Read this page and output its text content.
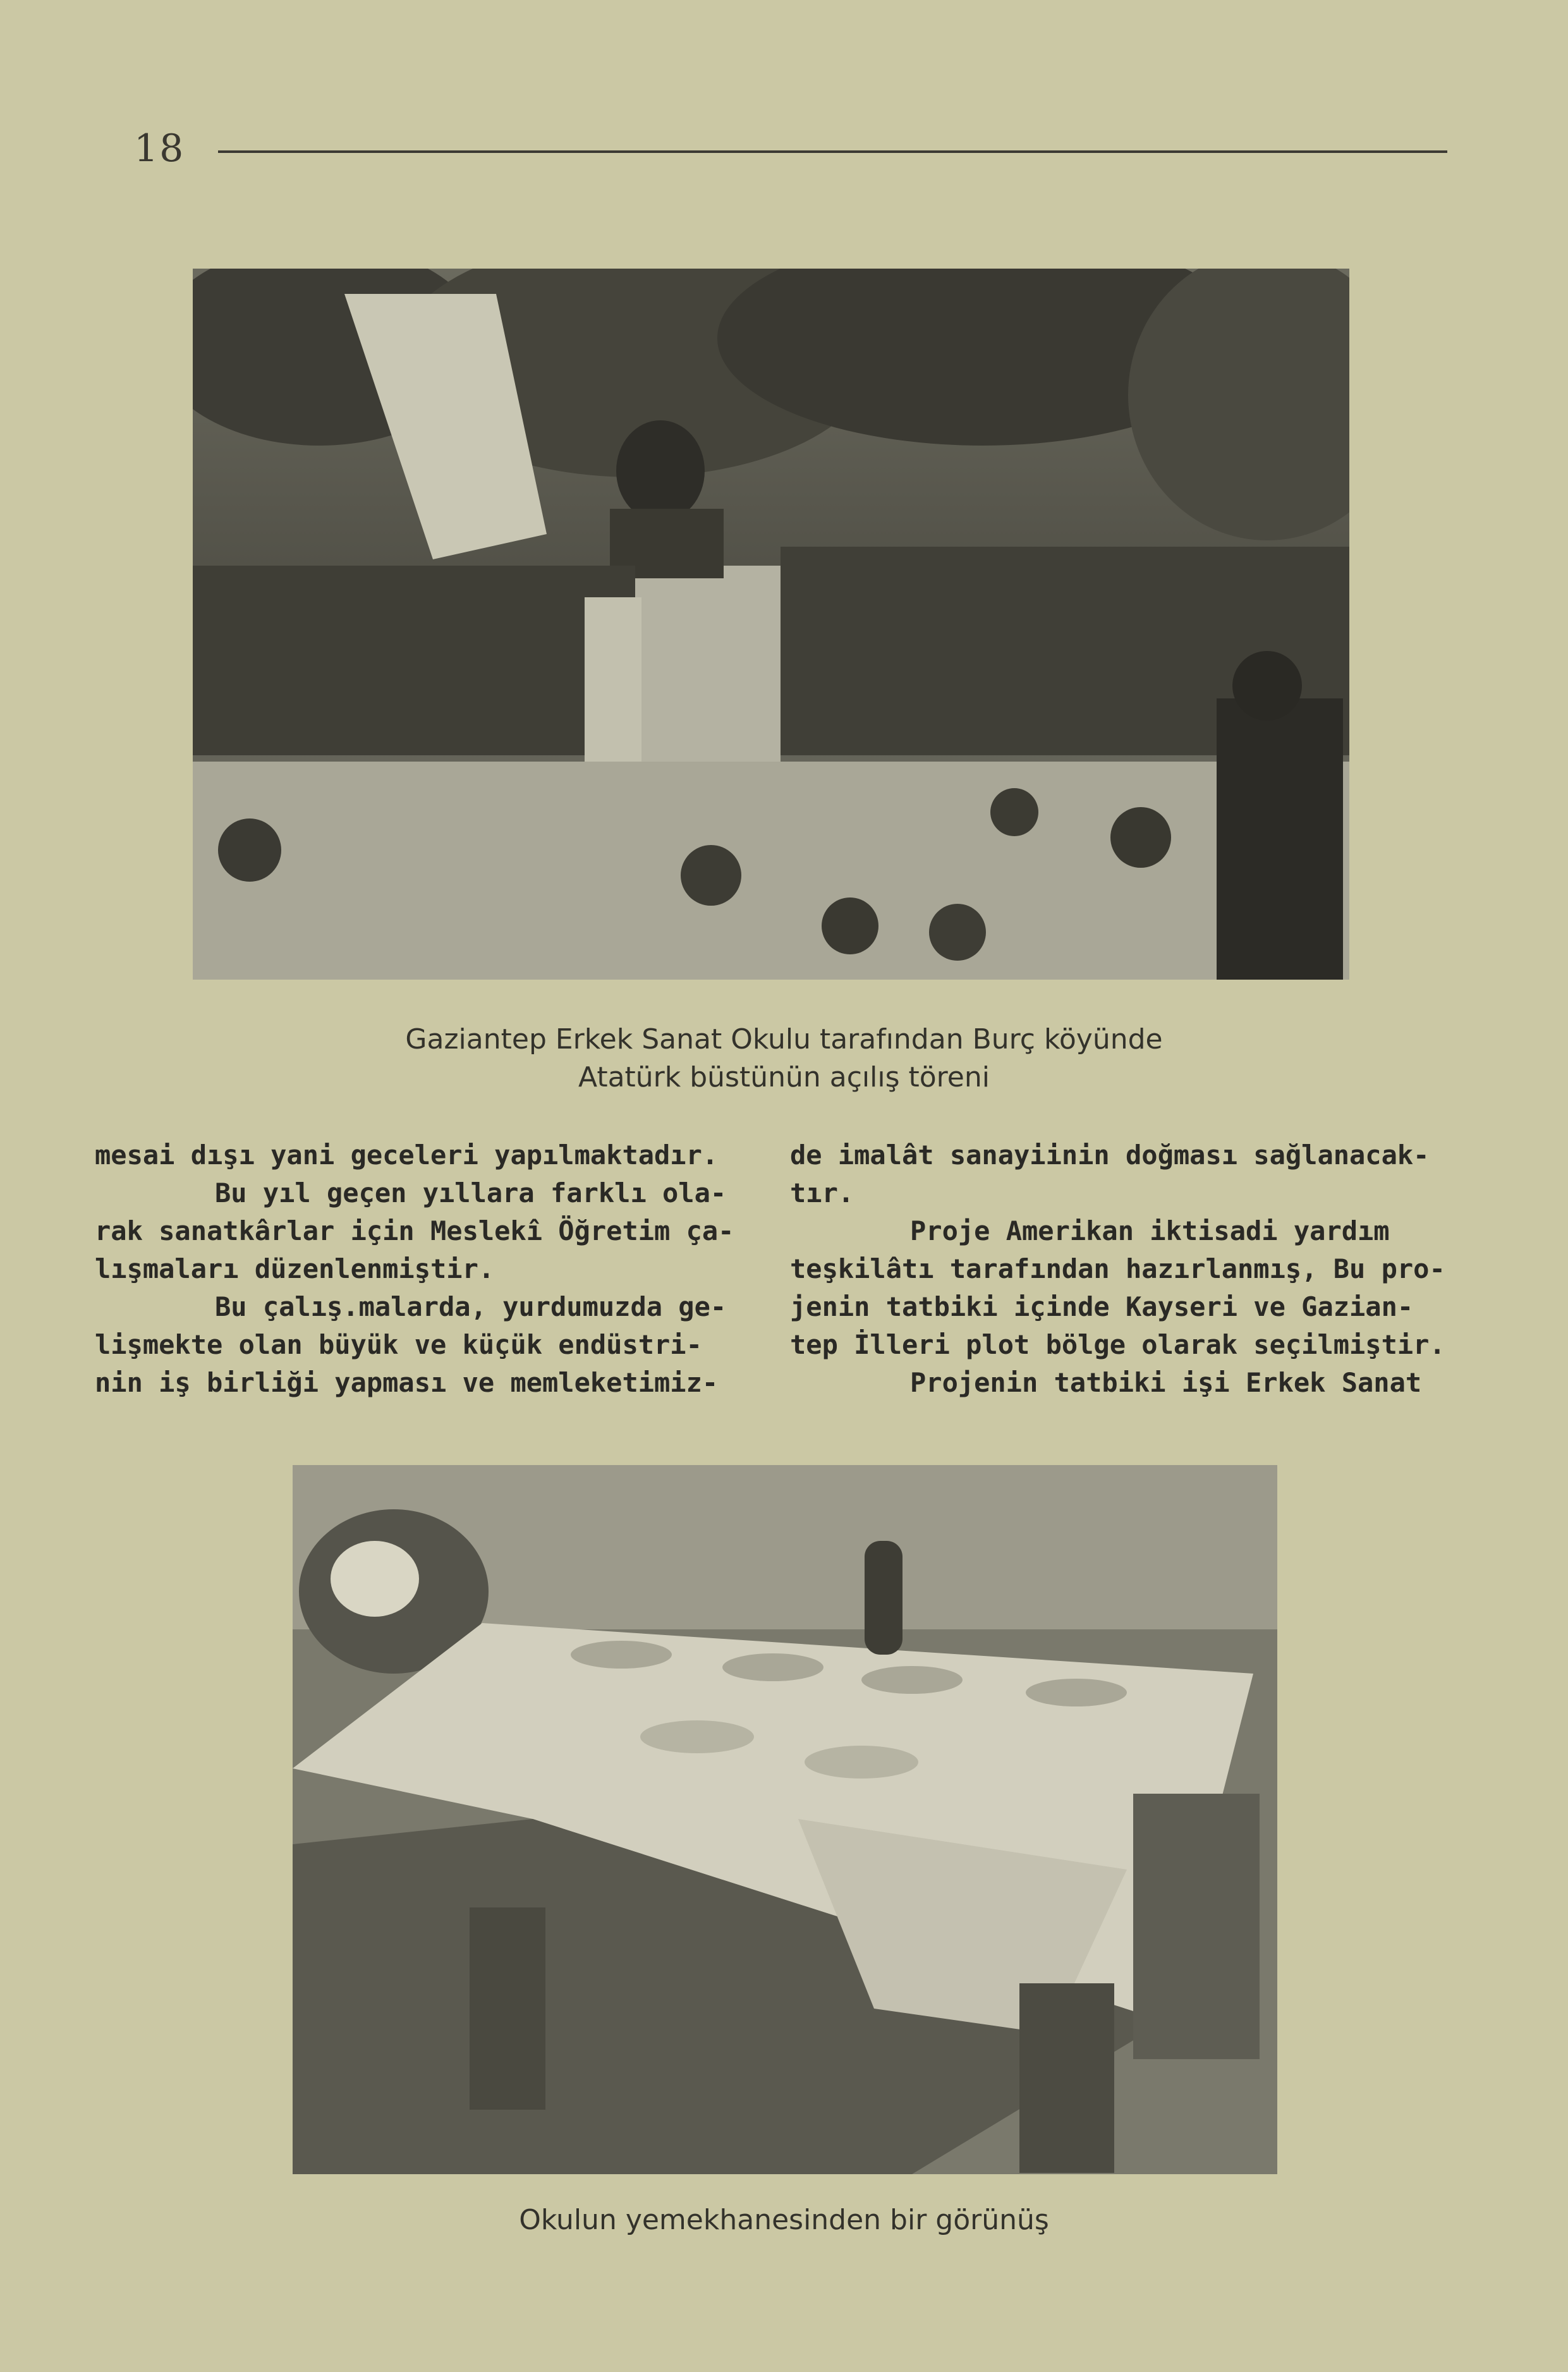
18
Gaziantep Erkek Sanat Okulu tarafından Burç köyünde
Atatürk büstünün açılış töreni
mesai dışı yani geceleri yapılmaktadır.
Bu yıl geçen yıllara farklı ola-
rak sanatkârlar için Meslekî Öğretim ça-
lışmaları düzenlenmiştir.
Bu çalış.malarda, yurdumuzda ge-
lişmekte olan büyük ve küçük endüstri-
nin iş birliği yapması ve memleketimiz-
de imalât sanayiinin doğması sağlanacak-
tır.
Proje Amerikan iktisadi yardım
teşkilâtı tarafından hazırlanmış, Bu pro-
jenin tatbiki içinde Kayseri ve Gazian-
tep İlleri plot bölge olarak seçilmiştir.
Projenin tatbiki işi Erkek Sanat
Okulun yemekhanesinden bir görünüş
